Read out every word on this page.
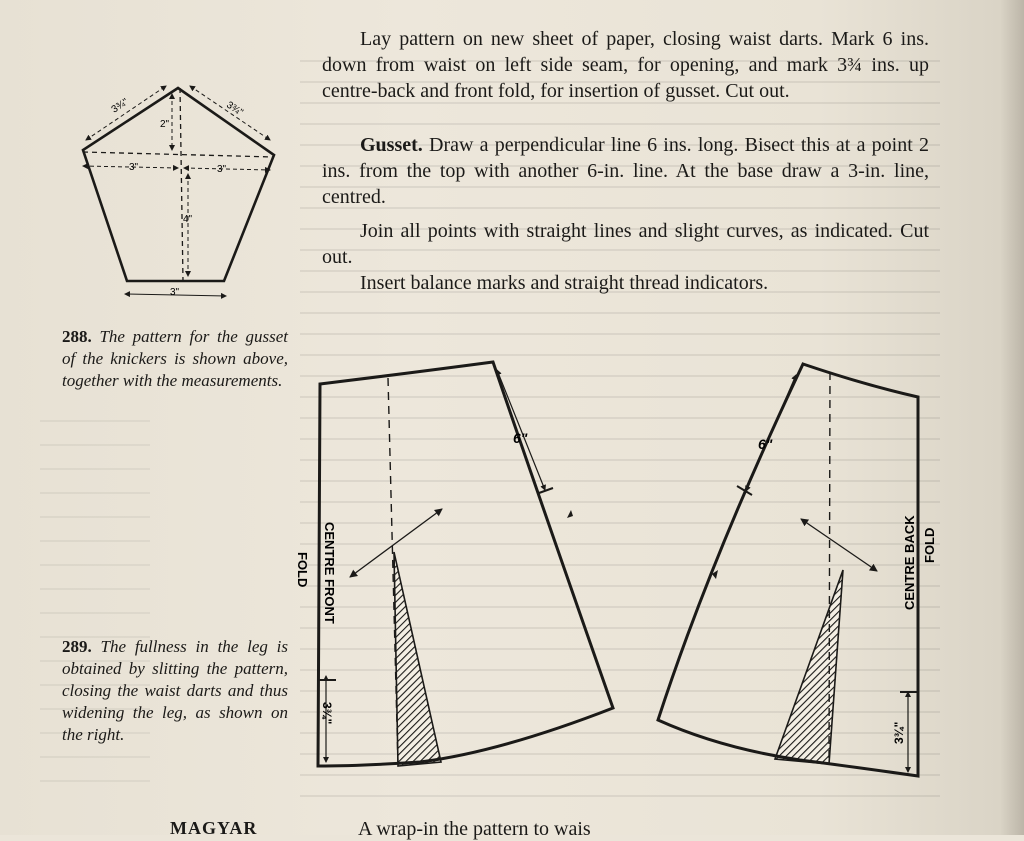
Lay pattern on new sheet of paper, closing waist darts. Mark 6 ins. down from waist on left side seam, for opening, and mark 3¾ ins. up centre-back and front fold, for insertion of gusset. Cut out.

Gusset. Draw a perpendicular line 6 ins. long. Bisect this at a point 2 ins. from the top with another 6-in. line. At the base draw a 3-in. line, centred.

Join all points with straight lines and slight curves, as indicated. Cut out.

Insert balance marks and straight thread indicators.

288. The pattern for the gusset of the knickers is shown above, together with the measurements.

289. The fullness in the leg is obtained by slitting the pattern, closing the waist darts and thus widening the leg, as shown on the right.

MAGYAR	A wrap-in the pattern to wais
3¾"	3¾"
2"
3"	3"
4"
3"
6"
CENTRE FRONT
FOLD
3¾"
6"
CENTRE BACK FOLD
3¾"
